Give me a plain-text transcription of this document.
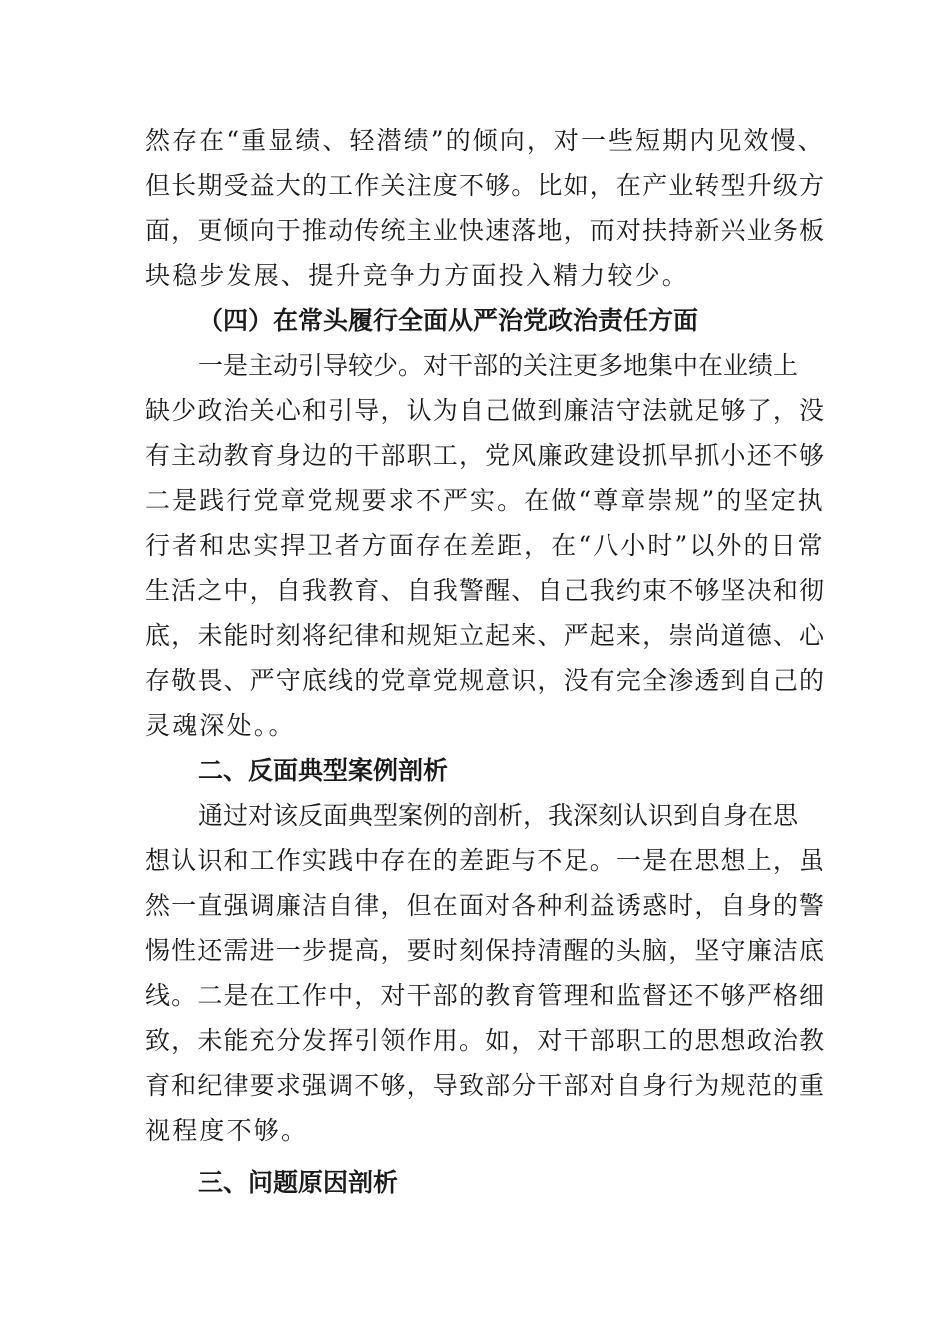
然存在“重显绩、轻潜绩”的倾向，对一些短期内见效慢、
但长期受益大的工作关注度不够。比如，在产业转型升级方
面，更倾向于推动传统主业快速落地，而对扶持新兴业务板
块稳步发展、提升竞争力方面投入精力较少。
（四）在常头履行全面从严治党政治责任方面
一是主动引导较少。对干部的关注更多地集中在业绩上
缺少政治关心和引导，认为自己做到廉洁守法就足够了，没
有主动教育身边的干部职工，党风廉政建设抓早抓小还不够
二是践行党章党规要求不严实。在做“尊章崇规”的坚定执
行者和忠实捍卫者方面存在差距，在“八小时”以外的日常
生活之中，自我教育、自我警醒、自己我约束不够坚决和彻
底，未能时刻将纪律和规矩立起来、严起来，崇尚道德、心
存敬畏、严守底线的党章党规意识，没有完全渗透到自己的
灵魂深处。。
二、反面典型案例剖析
通过对该反面典型案例的剖析，我深刻认识到自身在思
想认识和工作实践中存在的差距与不足。一是在思想上，虽
然一直强调廉洁自律，但在面对各种利益诱惑时，自身的警
惕性还需进一步提高，要时刻保持清醒的头脑，坚守廉洁底
线。二是在工作中，对干部的教育管理和监督还不够严格细
致，未能充分发挥引领作用。如，对干部职工的思想政治教
育和纪律要求强调不够，导致部分干部对自身行为规范的重
视程度不够。
三、问题原因剖析
